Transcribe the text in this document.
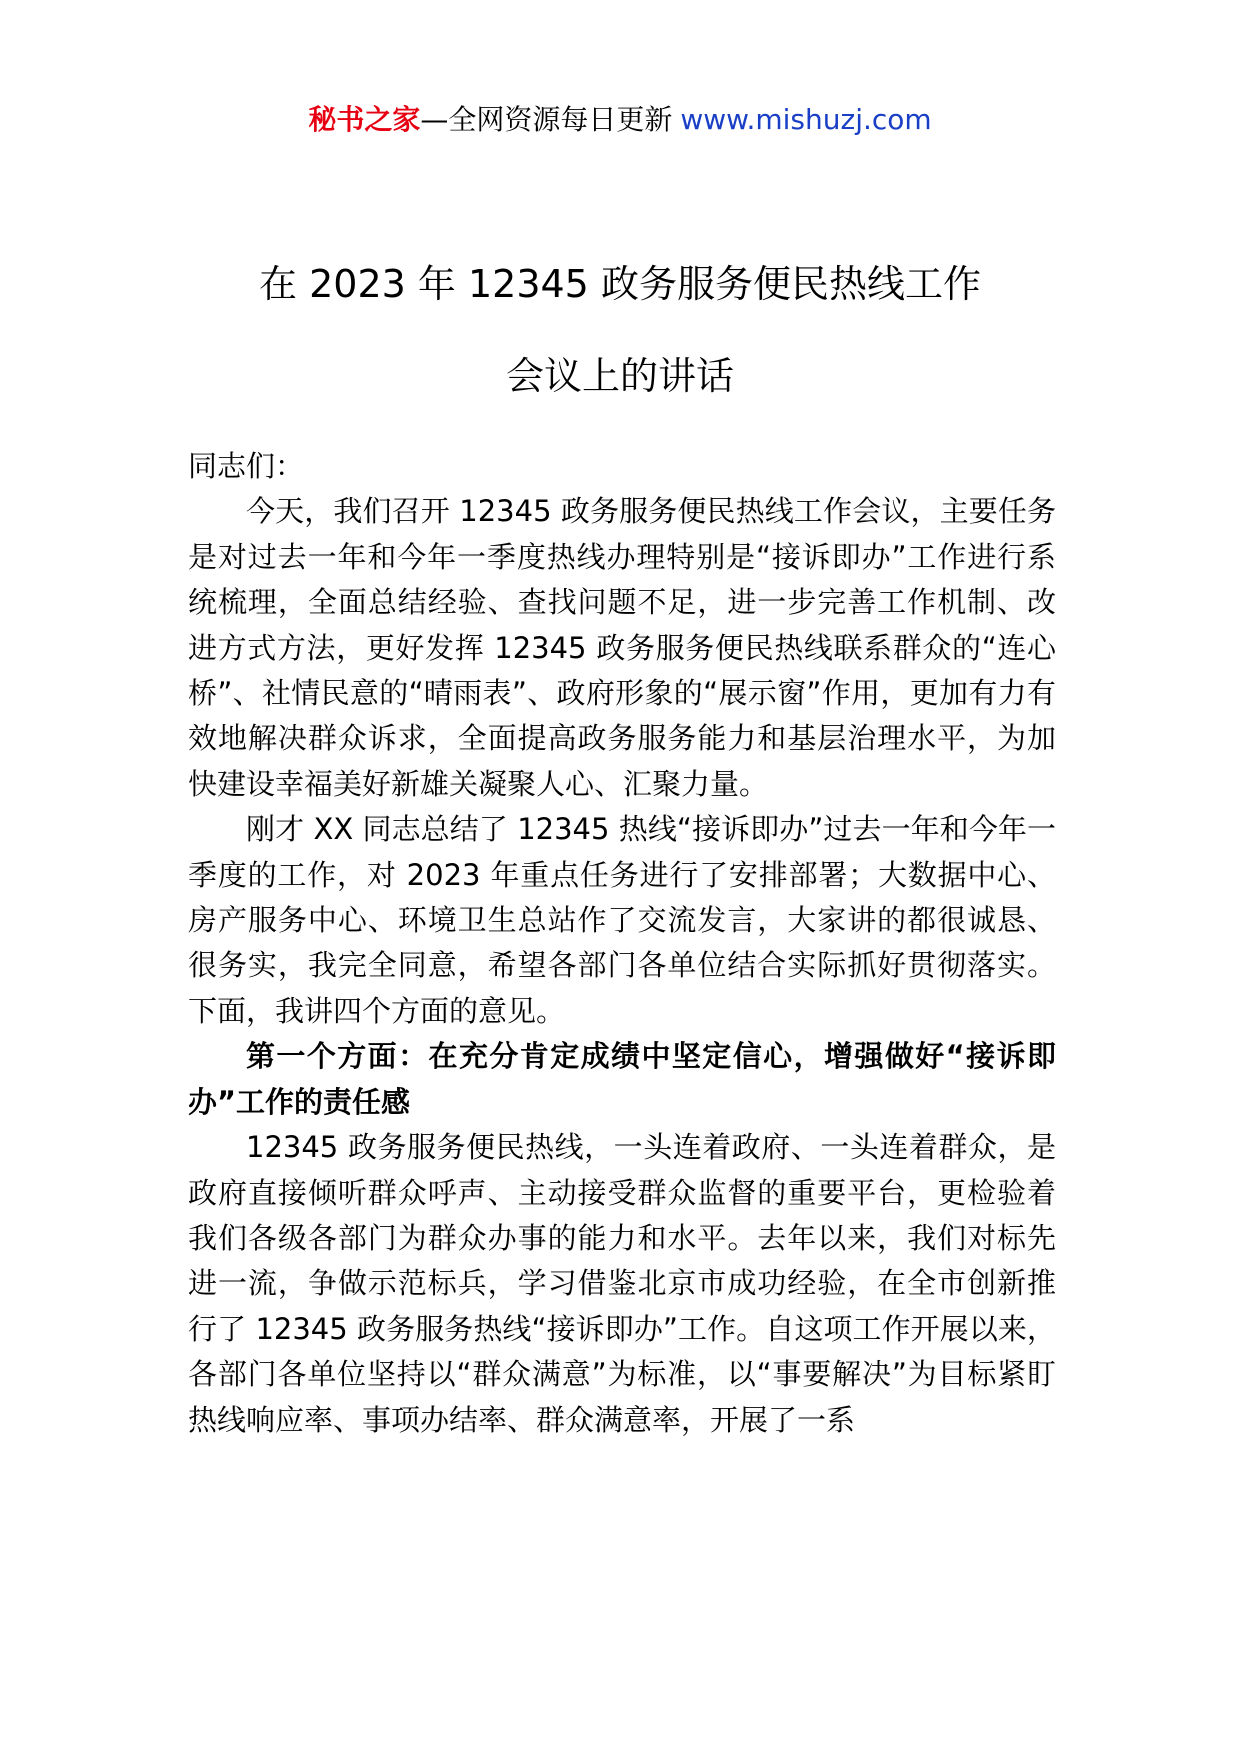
秘书之家—全网资源每日更新 www.mishuzj.com
在 2023 年 12345 政务服务便民热线工作
会议上的讲话

同志们：

今天，我们召开 12345 政务服务便民热线工作会议，主要任务是对过去一年和今年一季度热线办理特别是“接诉即办”工作进行系统梳理，全面总结经验、查找问题不足，进一步完善工作机制、改进方式方法，更好发挥 12345 政务服务便民热线联系群众的“连心桥”、社情民意的“晴雨表”、政府形象的“展示窗”作用，更加有力有效地解决群众诉求，全面提高政务服务能力和基层治理水平，为加快建设幸福美好新雄关凝聚人心、汇聚力量。

刚才 XX 同志总结了 12345 热线“接诉即办”过去一年和今年一季度的工作，对 2023 年重点任务进行了安排部署；大数据中心、房产服务中心、环境卫生总站作了交流发言，大家讲的都很诚恳、很务实，我完全同意，希望各部门各单位结合实际抓好贯彻落实。下面，我讲四个方面的意见。

第一个方面：在充分肯定成绩中坚定信心，增强做好“接诉即办”工作的责任感

12345 政务服务便民热线，一头连着政府、一头连着群众，是政府直接倾听群众呼声、主动接受群众监督的重要平台，更检验着我们各级各部门为群众办事的能力和水平。去年以来，我们对标先进一流，争做示范标兵，学习借鉴北京市成功经验，在全市创新推行了 12345 政务服务热线“接诉即办”工作。自这项工作开展以来，各部门各单位坚持以“群众满意”为标准，以“事要解决”为目标紧盯热线响应率、事项办结率、群众满意率，开展了一系
